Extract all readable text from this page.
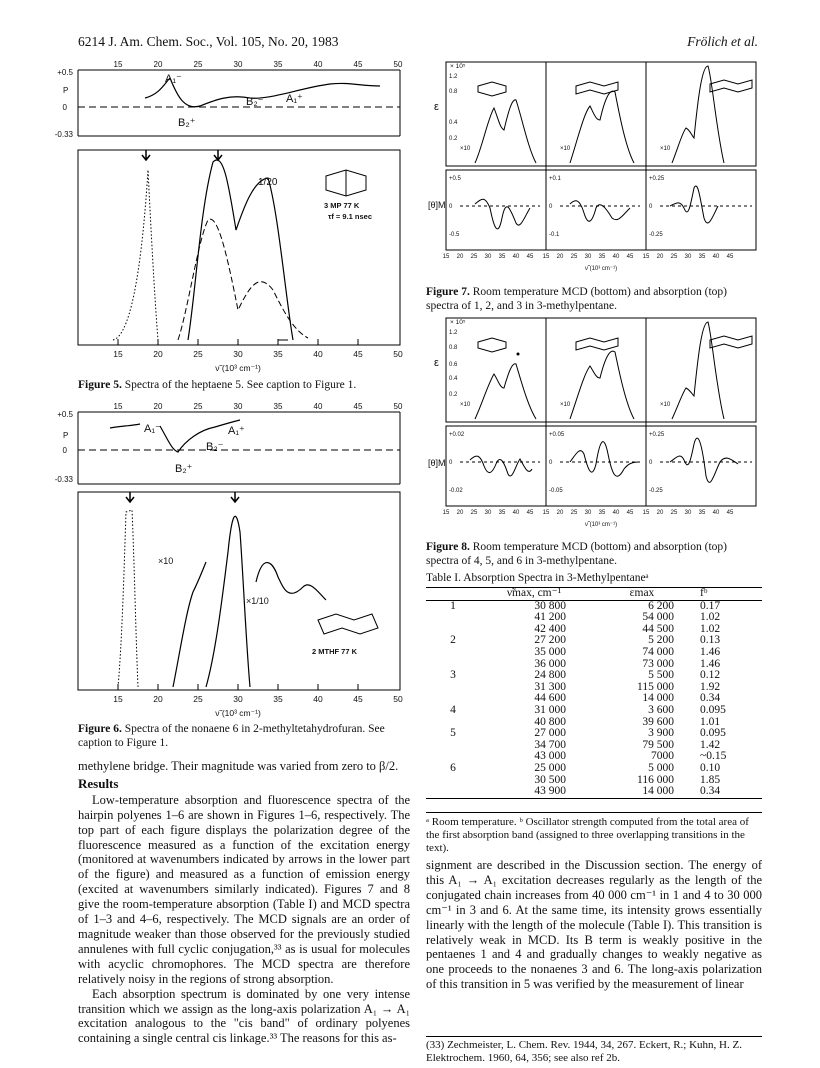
6214 J. Am. Chem. Soc., Vol. 105, No. 20, 1983	Frölich et al.
15	20	25	30	35	40	45	50
+0.5
P
0
-0.33
A₁⁻
B₂⁻ A₁⁺
B₂⁺
1/20
3 MP 77 K
τf = 9.1 nsec
15	20	25	30	35	40	45	50
ν̃ (10³ cm⁻¹)
Figure 5. Spectra of the heptaene 5. See caption to Figure 1.
15	20	25	30	35	40	45	50
+0.5
P
0
-0.33
A₁⁻	A₁⁺
B₂⁻
B₂⁺
×10
×1/10
2 MTHF 77 K
15	20	25	30	35	40	45	50
ν̃ (10³ cm⁻¹)
Figure 6. Spectra of the nonaene 6 in 2-methyltetahydrofuran. See caption to Figure 1.

methylene bridge. Their magnitude was varied from zero to β/2.

Results

Low-temperature absorption and fluorescence spectra of the hairpin polyenes 1–6 are shown in Figures 1–6, respectively. The top part of each figure displays the polarization degree of the fluorescence measured as a function of the excitation energy (monitored at wavenumbers indicated by arrows in the lower part of the figure) and measured as a function of emission energy (excited at wavenumbers similarly indicated). Figures 7 and 8 give the room-temperature absorption (Table I) and MCD spectra of 1–3 and 4–6, respectively. The MCD signals are an order of magnitude weaker than those observed for the previously studied annulenes with full cyclic conjugation,³³ as is usual for molecules with acyclic chromophores. The MCD spectra are therefore relatively noisy in the regions of strong absorption.

Each absorption spectrum is dominated by one very intense transition which we assign as the long-axis polarization A₁ → A₁ excitation analogous to the "cis band" of ordinary polyenes containing a single central cis linkage.³³ The reasons for this as-

× 10⁵
ε
[θ]M
1.2
0.8
0.4
0.2
+0.5
0
-0.5
+0.1
0
-0.1
+0.25
0
-0.25
×10	×10	×10
15 20 25 30 35 40 45 15 20 25 30 35 40 45 15 20 25 30 35 40 45
ν̃ (10³ cm⁻¹)
Figure 7. Room temperature MCD (bottom) and absorption (top) spectra of 1, 2, and 3 in 3-methylpentane.
× 10⁵
ε
[θ]M
1.2
0.8
0.6
0.4
0.2
+0.02
0
-0.02
+0.05
0
-0.05
+0.25
0
-0.25
×10	×10	×10
15 20 25 30 35 40 45 15 20 25 30 35 40 45 15 20 25 30 35 40 45
ν̃ (10³ cm⁻¹)
Figure 8. Room temperature MCD (bottom) and absorption (top) spectra of 4, 5, and 6 in 3-methylpentane.
Table I. Absorption Spectra in 3-Methylpentaneᵃ
	ν̃max, cm⁻¹	εmax	fᵇ
1	30 800	6 200	0.17
	41 200	54 000	1.02
	42 400	44 500	1.02
2	27 200	5 200	0.13
	35 000	74 000	1.46
	36 000	73 000	1.46
3	24 800	5 500	0.12
	31 300	115 000	1.92
	44 600	14 000	0.34
4	31 000	3 600	0.095
	40 800	39 600	1.01
5	27 000	3 900	0.095
	34 700	79 500	1.42
	43 000	7000	~0.15
6	25 000	5 000	0.10
	30 500	116 000	1.85
	43 900	14 000	0.34
ᵃ Room temperature. ᵇ Oscillator strength computed from the total area of the first absorption band (assigned to three overlapping transitions in the text).

signment are described in the Discussion section. The energy of this A₁ → A₁ excitation decreases regularly as the length of the conjugated chain increases from 40 000 cm⁻¹ in 1 and 4 to 30 000 cm⁻¹ in 3 and 6. At the same time, its intensity grows essentially linearly with the length of the molecule (Table I). This transition is relatively weak in MCD. Its B term is weakly positive in the pentaenes 1 and 4 and gradually changes to weakly negative as one proceeds to the nonaenes 3 and 6. The long-axis polarization of this transition in 5 was verified by the measurement of linear

(33) Zechmeister, L. Chem. Rev. 1944, 34, 267. Eckert, R.; Kuhn, H. Z. Elektrochem. 1960, 64, 356; see also ref 2b.
